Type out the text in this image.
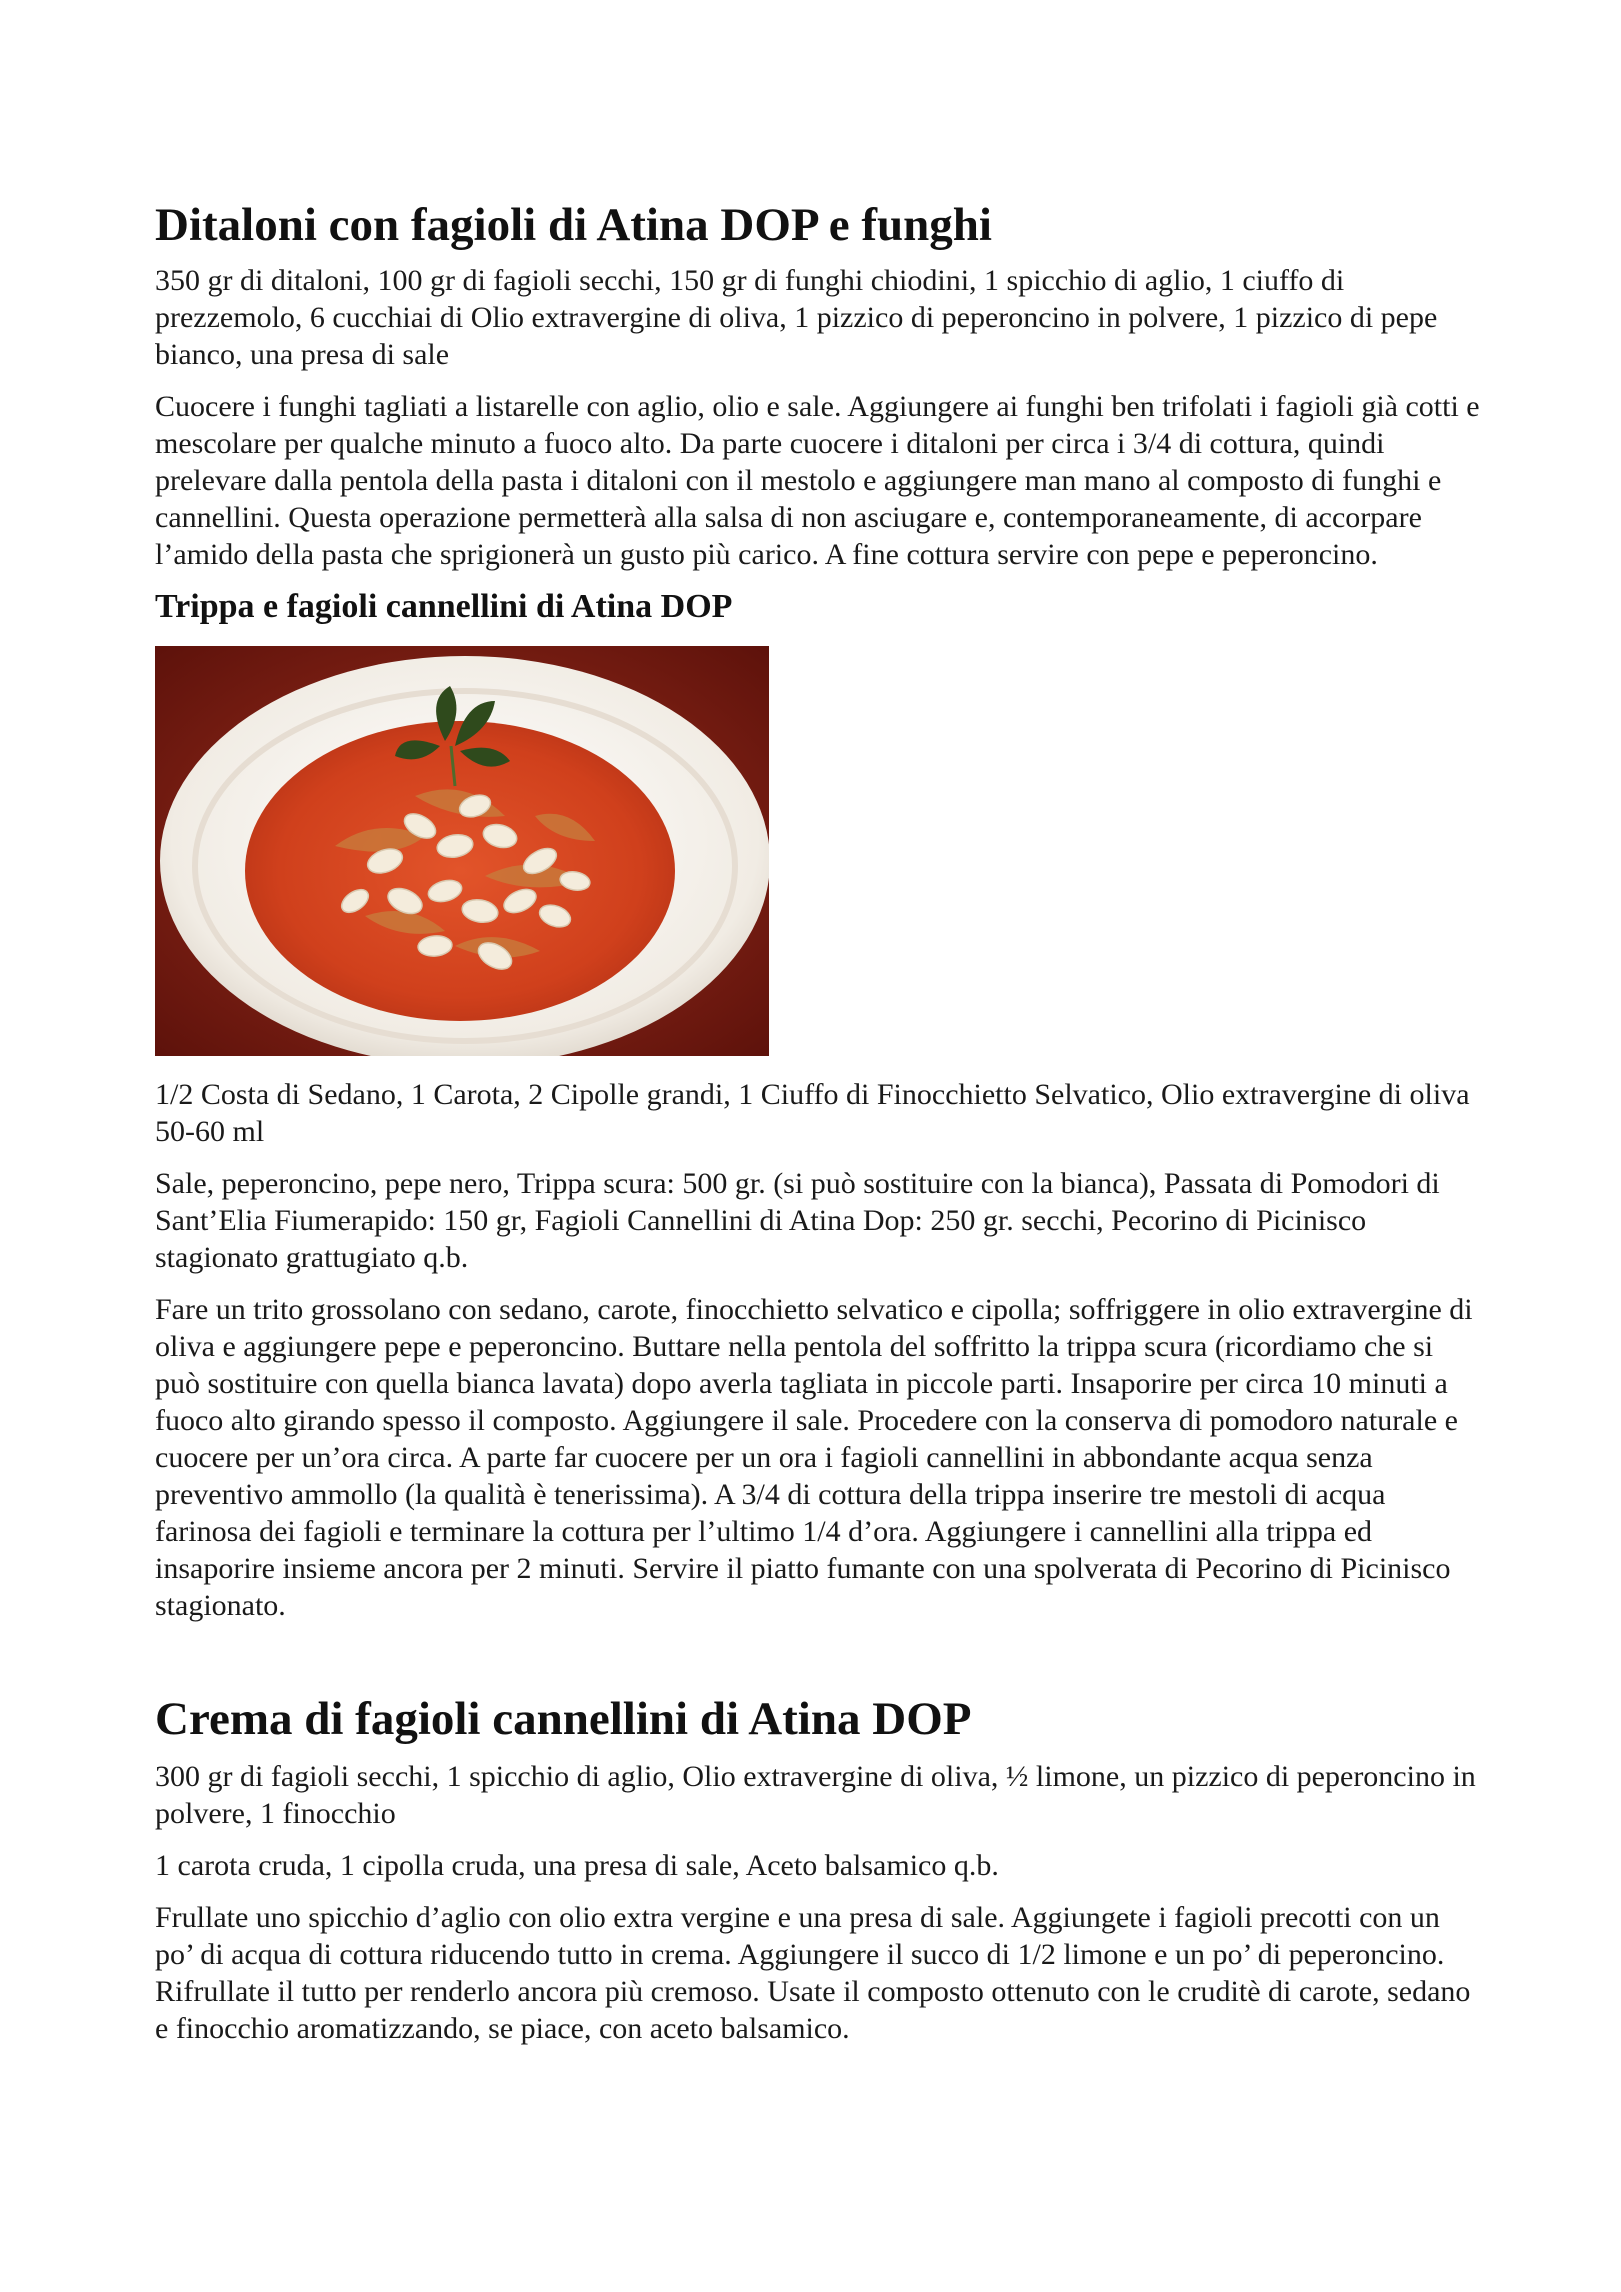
Ditaloni con fagioli di Atina DOP e funghi

350 gr di ditaloni, 100 gr di fagioli secchi, 150 gr di funghi chiodini, 1 spicchio di aglio, 1 ciuffo di prezzemolo, 6 cucchiai di Olio extravergine di oliva, 1 pizzico di peperoncino in polvere, 1 pizzico di pepe bianco, una presa di sale

Cuocere i funghi tagliati a listarelle con aglio, olio e sale. Aggiungere ai funghi ben trifolati i fagioli già cotti e mescolare per qualche minuto a fuoco alto. Da parte cuocere i ditaloni per circa i 3/4 di cottura, quindi prelevare dalla pentola della pasta i ditaloni con il mestolo e aggiungere man mano al composto di funghi e cannellini. Questa operazione permetterà alla salsa di non asciugare e, contemporaneamente, di accorpare l’amido della pasta che sprigionerà un gusto più carico. A fine cottura servire con pepe e peperoncino.

Trippa e fagioli cannellini di Atina DOP

1/2 Costa di Sedano, 1 Carota, 2 Cipolle grandi, 1 Ciuffo di Finocchietto Selvatico, Olio extravergine di oliva 50-60 ml

Sale, peperoncino, pepe nero, Trippa scura: 500 gr. (si può sostituire con la bianca), Passata di Pomodori di Sant’Elia Fiumerapido: 150 gr, Fagioli Cannellini di Atina Dop: 250 gr. secchi, Pecorino di Picinisco stagionato grattugiato q.b.

Fare un trito grossolano con sedano, carote, finocchietto selvatico e cipolla; soffriggere in olio extravergine di oliva e aggiungere pepe e peperoncino. Buttare nella pentola del soffritto la trippa scura (ricordiamo che si può sostituire con quella bianca lavata) dopo averla tagliata in piccole parti. Insaporire per circa 10 minuti a fuoco alto girando spesso il composto. Aggiungere il sale. Procedere con la conserva di pomodoro naturale e cuocere per un’ora circa. A parte far cuocere per un ora i fagioli cannellini in abbondante acqua senza preventivo ammollo (la qualità è tenerissima). A 3/4 di cottura della trippa inserire tre mestoli di acqua farinosa dei fagioli e terminare la cottura per l’ultimo 1/4 d’ora. Aggiungere i cannellini alla trippa ed insaporire insieme ancora per 2 minuti. Servire il piatto fumante con una spolverata di Pecorino di Picinisco stagionato.

Crema di fagioli cannellini di Atina DOP

300 gr di fagioli secchi, 1 spicchio di aglio, Olio extravergine di oliva, ½ limone, un pizzico di peperoncino in polvere, 1 finocchio

1 carota cruda, 1 cipolla cruda, una presa di sale, Aceto balsamico q.b.

Frullate uno spicchio d’aglio con olio extra vergine e una presa di sale. Aggiungete i fagioli precotti con un po’ di acqua di cottura riducendo tutto in crema. Aggiungere il succo di 1/2 limone e un po’ di peperoncino. Rifrullate il tutto per renderlo ancora più cremoso. Usate il composto ottenuto con le cruditè di carote, sedano e finocchio aromatizzando, se piace, con aceto balsamico.
